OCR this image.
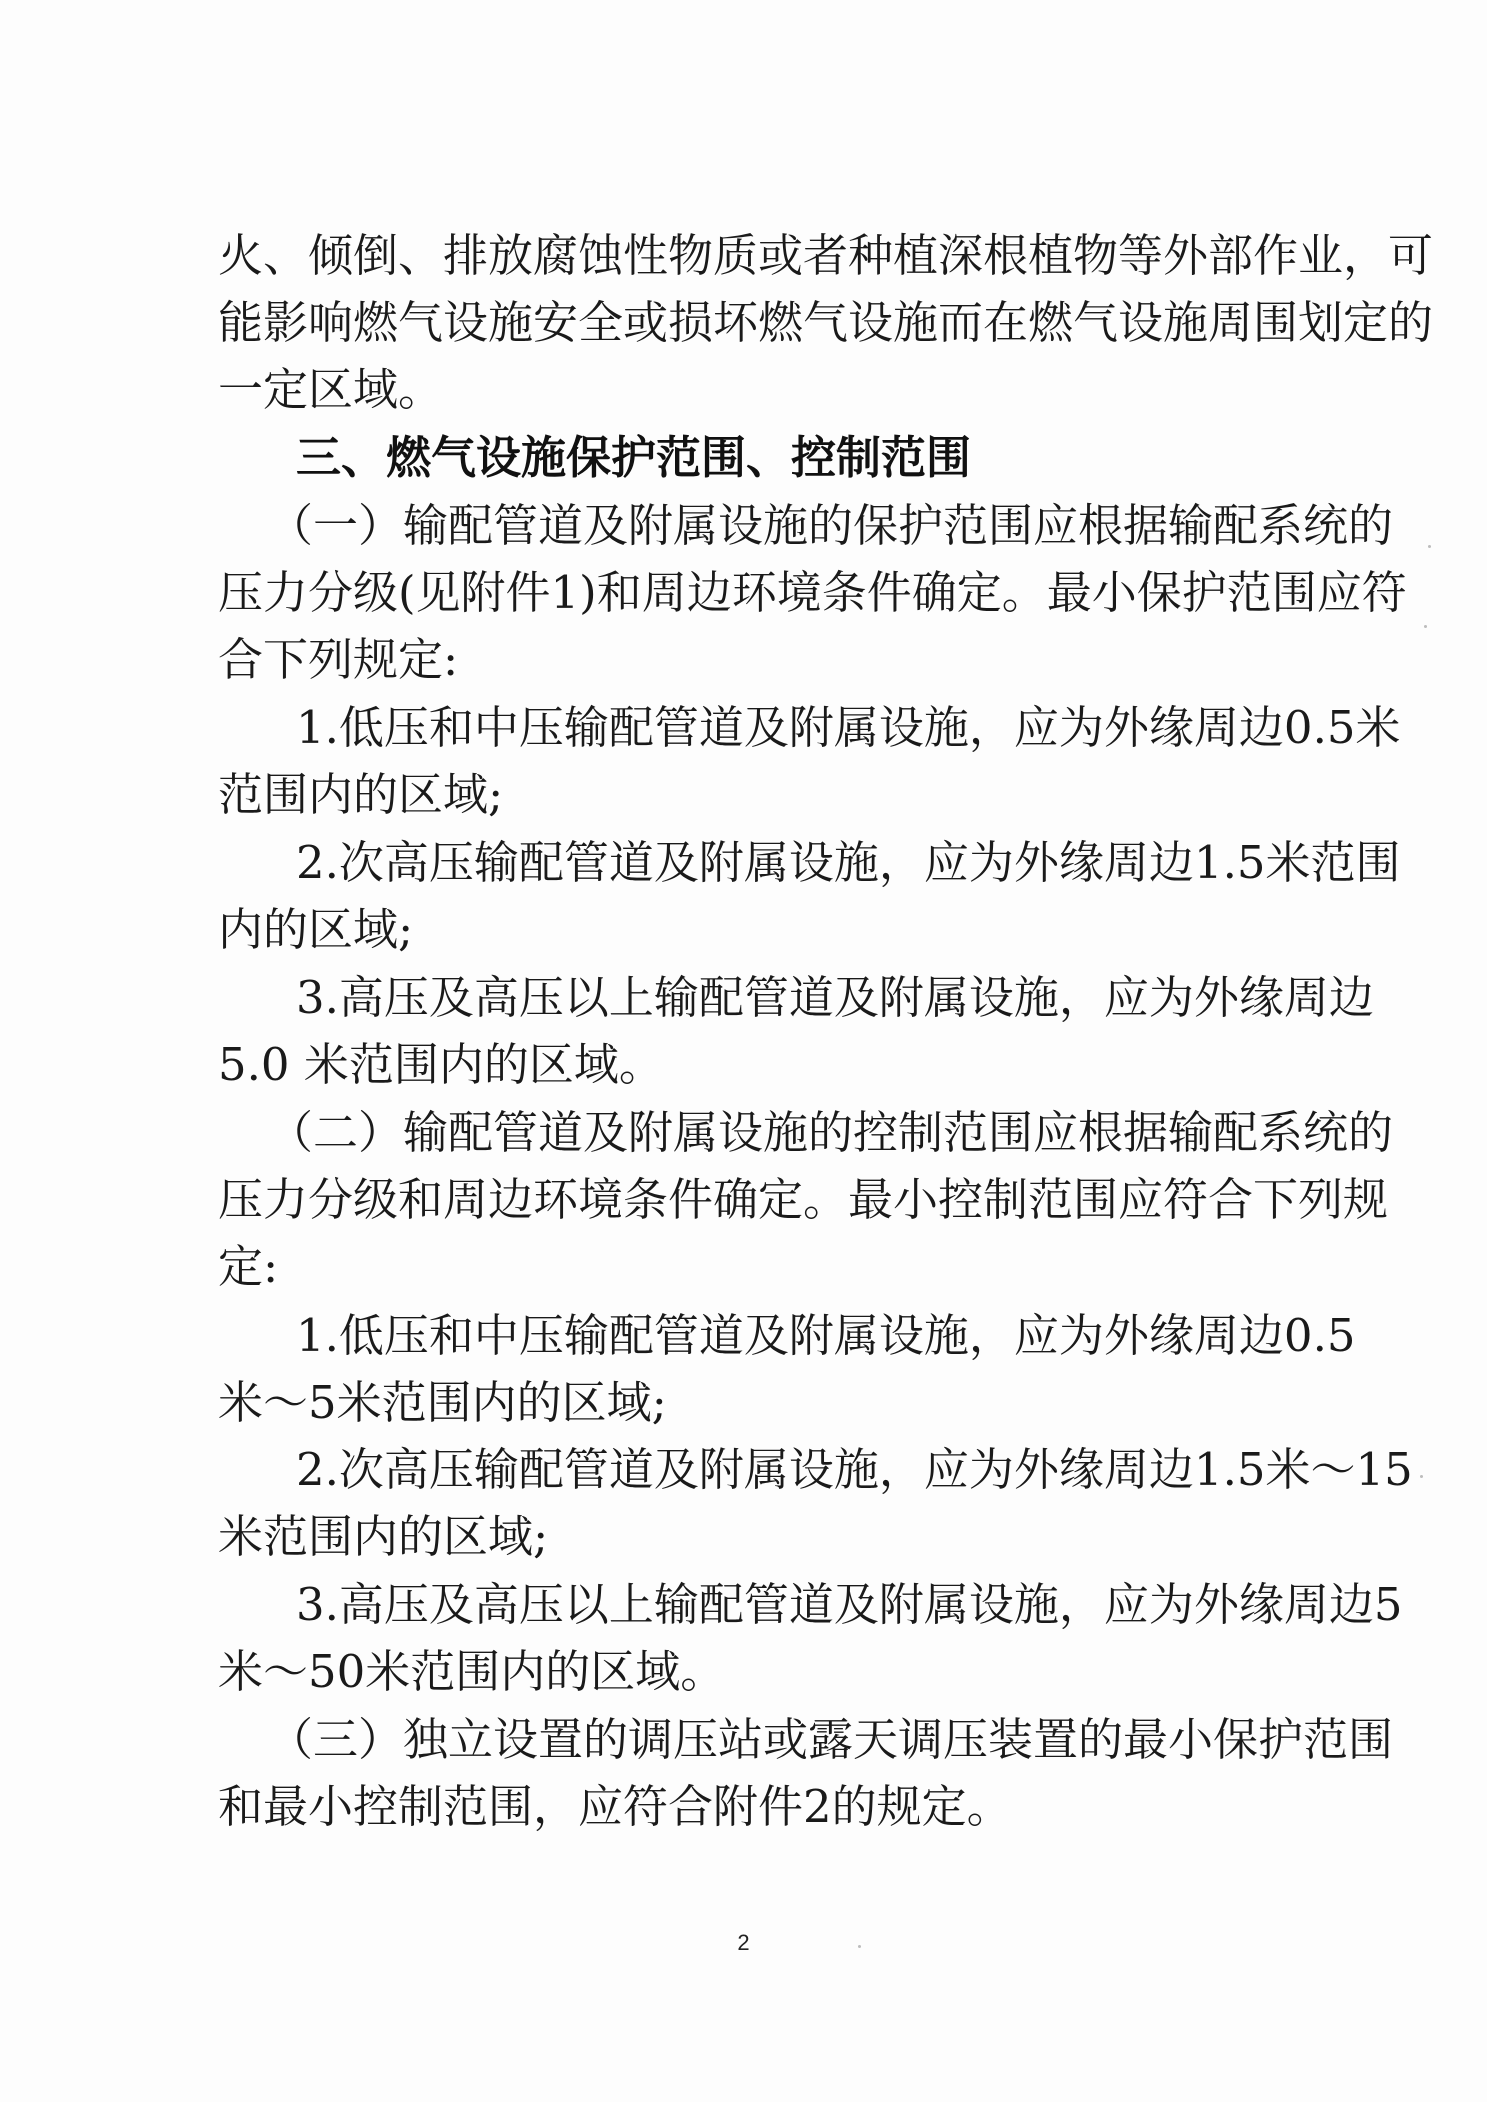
火、倾倒、排放腐蚀性物质或者种植深根植物等外部作业，可
能影响燃气设施安全或损坏燃气设施而在燃气设施周围划定的
一定区域。
三、燃气设施保护范围、控制范围
（一）输配管道及附属设施的保护范围应根据输配系统的
压力分级(见附件1)和周边环境条件确定。最小保护范围应符
合下列规定:
1.低压和中压输配管道及附属设施，应为外缘周边0.5米
范围内的区域;
2.次高压输配管道及附属设施，应为外缘周边1.5米范围
内的区域;
3.高压及高压以上输配管道及附属设施，应为外缘周边
5.0 米范围内的区域。
（二）输配管道及附属设施的控制范围应根据输配系统的
压力分级和周边环境条件确定。最小控制范围应符合下列规
定:
1.低压和中压输配管道及附属设施，应为外缘周边0.5
米～5米范围内的区域;
2.次高压输配管道及附属设施，应为外缘周边1.5米～15
米范围内的区域;
3.高压及高压以上输配管道及附属设施，应为外缘周边5
米～50米范围内的区域。
（三）独立设置的调压站或露天调压装置的最小保护范围
和最小控制范围，应符合附件2的规定。
2
